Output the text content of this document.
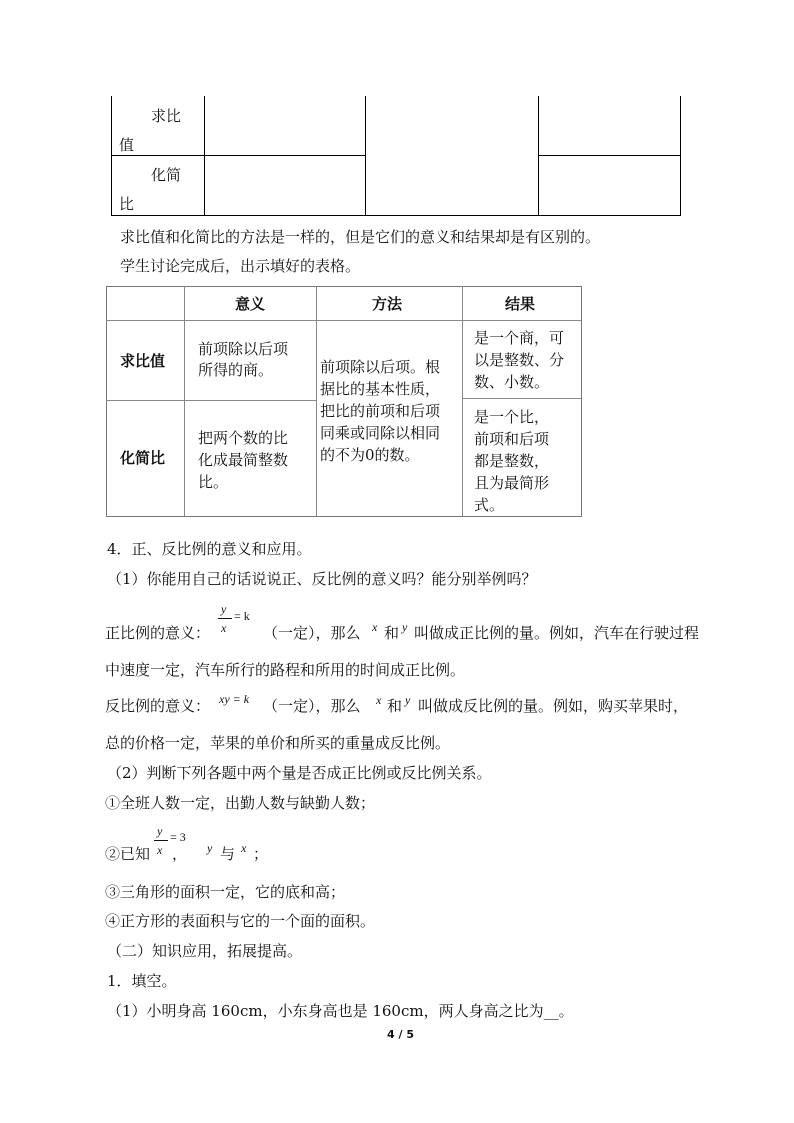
求比
值
化简
比

求比值和化简比的方法是一样的，但是它们的意义和结果却是有区别的。

学生讨论完成后，出示填好的表格。

意义	方法	结果
求比值
化简比
前项除以后项
所得的商。
把两个数的比
化成最简整数
比。
前项除以后项。根
据比的基本性质，
把比的前项和后项
同乘或同除以相同
的不为0的数。
是一个商，可
以是整数、分
数、小数。
是一个比，
前项和后项
都是整数，
且为最简形
式。

4．正、反比例的意义和应用。

（1）你能用自己的话说说正、反比例的意义吗？能分别举例吗？

正比例的意义：
y
x
= k
（一定），那么 x 和 y 叫做成正比例的量。例如，汽车在行驶过程
中速度一定，汽车所行的路程和所用的时间成正比例。
反比例的意义： xy = k （一定），那么 x 和 y 叫做成反比例的量。例如，购买苹果时，
总的价格一定，苹果的单价和所买的重量成反比例。

（2）判断下列各题中两个量是否成正比例或反比例关系。

①全班人数一定，出勤人数与缺勤人数；

②已知
y
x
= 3
， y 与 x ；

③三角形的面积一定，它的底和高；

④正方形的表面积与它的一个面的面积。

（二）知识应用，拓展提高。

1．填空。

（1）小明身高 160cm，小东身高也是 160cm，两人身高之比为__。

4 / 5
